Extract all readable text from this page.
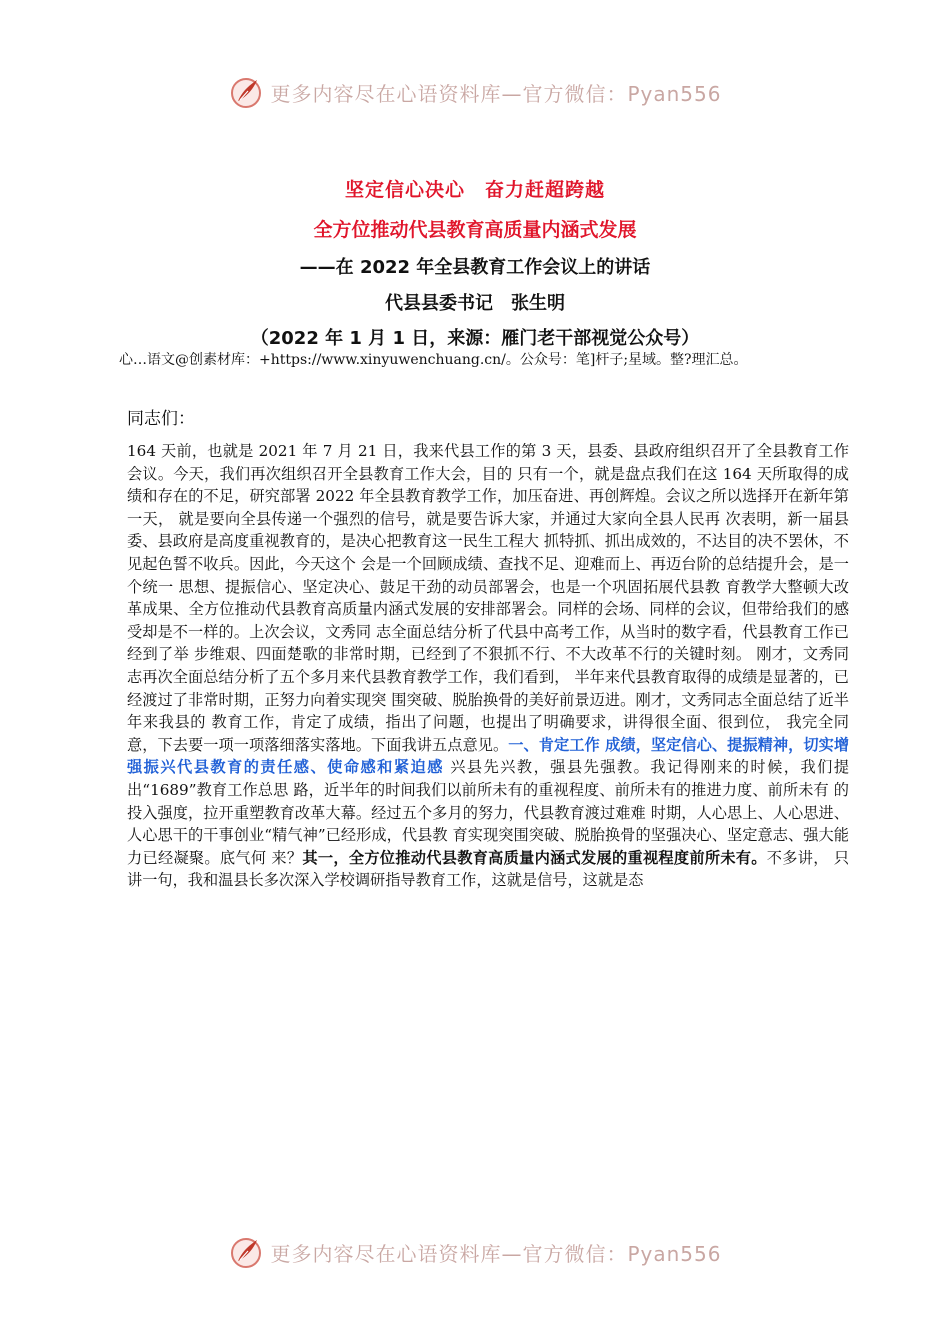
更多内容尽在心语资料库—官方微信：Pyan556
坚定信心决心　奋力赶超跨越
全方位推动代县教育高质量内涵式发展
——在 2022 年全县教育工作会议上的讲话
代县县委书记　张生明
（2022 年 1 月 1 日，来源：雁门老干部视觉公众号）
心…语文@创素材库：+https://www.xinyuwenchuang.cn/。公众号：笔]杆子;星域。整?理汇总。
同志们：
164 天前，也就是 2021 年 7 月 21 日，我来代县工作的第 3 天，县委、县政府组织召开了全县教育工作会议。今天，我们再次组织召开全县教育工作大会，目的 只有一个，就是盘点我们在这 164 天所取得的成绩和存在的不足，研究部署 2022 年全县教育教学工作，加压奋进、再创辉煌。会议之所以选择开在新年第一天， 就是要向全县传递一个强烈的信号，就是要告诉大家，并通过大家向全县人民再 次表明，新一届县委、县政府是高度重视教育的，是决心把教育这一民生工程大 抓特抓、抓出成效的，不达目的决不罢休，不见起色誓不收兵。因此，今天这个 会是一个回顾成绩、查找不足、迎难而上、再迈台阶的总结提升会，是一个统一 思想、提振信心、坚定决心、鼓足干劲的动员部署会，也是一个巩固拓展代县教 育教学大整顿大改革成果、全方位推动代县教育高质量内涵式发展的安排部署会。同样的会场、同样的会议，但带给我们的感受却是不一样的。上次会议，文秀同 志全面总结分析了代县中高考工作，从当时的数字看，代县教育工作已经到了举 步维艰、四面楚歌的非常时期，已经到了不狠抓不行、不大改革不行的关键时刻。 刚才，文秀同志再次全面总结分析了五个多月来代县教育教学工作，我们看到， 半年来代县教育取得的成绩是显著的，已经渡过了非常时期，正努力向着实现突 围突破、脱胎换骨的美好前景迈进。刚才，文秀同志全面总结了近半年来我县的 教育工作，肯定了成绩，指出了问题，也提出了明确要求，讲得很全面、很到位， 我完全同意，下去要一项一项落细落实落地。下面我讲五点意见。一、肯定工作 成绩，坚定信心、提振精神，切实增强振兴代县教育的责任感、使命感和紧迫感 兴县先兴教，强县先强教。我记得刚来的时候，我们提出“1689”教育工作总思 路，近半年的时间我们以前所未有的重视程度、前所未有的推进力度、前所未有 的投入强度，拉开重塑教育改革大幕。经过五个多月的努力，代县教育渡过难难 时期，人心思上、人心思进、人心思干的干事创业“精气神”已经形成，代县教 育实现突围突破、脱胎换骨的坚强决心、坚定意志、强大能力已经凝聚。底气何 来？其一，全方位推动代县教育高质量内涵式发展的重视程度前所未有。不多讲， 只讲一句，我和温县长多次深入学校调研指导教育工作，这就是信号，这就是态
更多内容尽在心语资料库—官方微信：Pyan556
